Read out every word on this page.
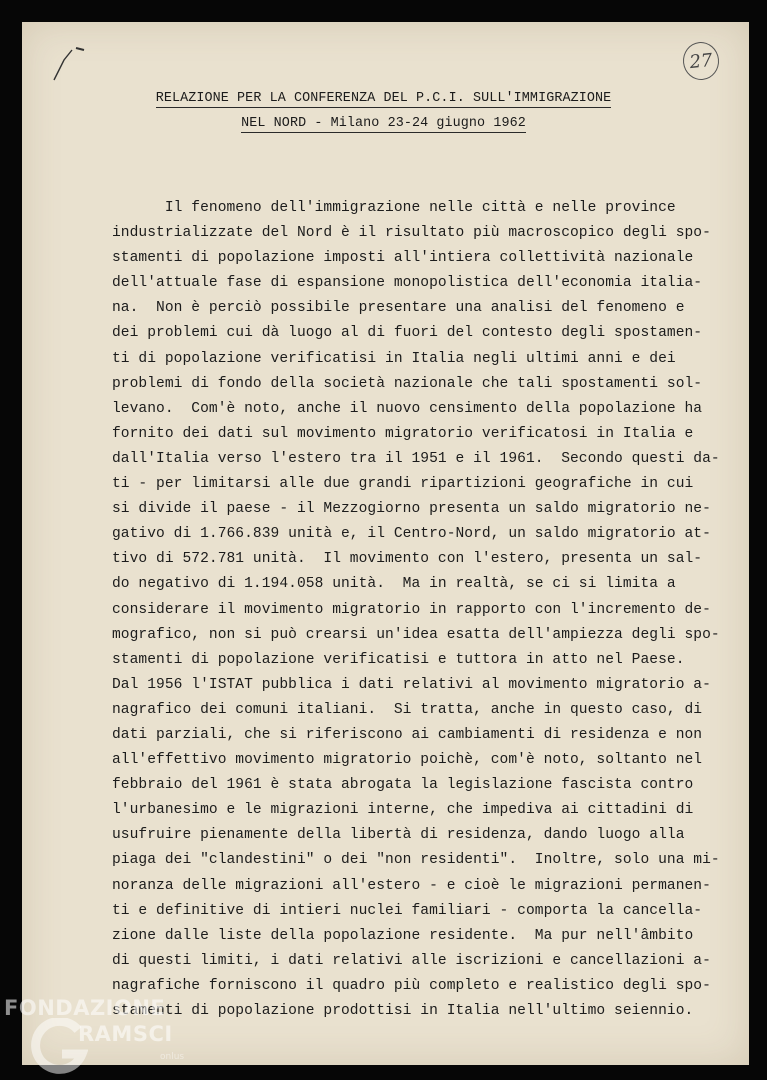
27
RELAZIONE PER LA CONFERENZA DEL P.C.I. SULL'IMMIGRAZIONE
NEL NORD - Milano 23-24 giugno 1962
Il fenomeno dell'immigrazione nelle città e nelle province
industrializzate del Nord è il risultato più macroscopico degli spo-
stamenti di popolazione imposti all'intiera collettività nazionale
dell'attuale fase di espansione monopolistica dell'economia italia-
na.  Non è perciò possibile presentare una analisi del fenomeno e
dei problemi cui dà luogo al di fuori del contesto degli spostamen-
ti di popolazione verificatisi in Italia negli ultimi anni e dei
problemi di fondo della società nazionale che tali spostamenti sol-
levano.  Com'è noto, anche il nuovo censimento della popolazione ha
fornito dei dati sul movimento migratorio verificatosi in Italia e
dall'Italia verso l'estero tra il 1951 e il 1961.  Secondo questi da-
ti - per limitarsi alle due grandi ripartizioni geografiche in cui
si divide il paese - il Mezzogiorno presenta un saldo migratorio ne-
gativo di 1.766.839 unità e, il Centro-Nord, un saldo migratorio at-
tivo di 572.781 unità.  Il movimento con l'estero, presenta un sal-
do negativo di 1.194.058 unità.  Ma in realtà, se ci si limita a
considerare il movimento migratorio in rapporto con l'incremento de-
mografico, non si può crearsi un'idea esatta dell'ampiezza degli spo-
stamenti di popolazione verificatisi e tuttora in atto nel Paese.
Dal 1956 l'ISTAT pubblica i dati relativi al movimento migratorio a-
nagrafico dei comuni italiani.  Si tratta, anche in questo caso, di
dati parziali, che si riferiscono ai cambiamenti di residenza e non
all'effettivo movimento migratorio poichè, com'è noto, soltanto nel
febbraio del 1961 è stata abrogata la legislazione fascista contro
l'urbanesimo e le migrazioni interne, che impediva ai cittadini di
usufruire pienamente della libertà di residenza, dando luogo alla
piaga dei "clandestini" o dei "non residenti".  Inoltre, solo una mi-
noranza delle migrazioni all'estero - e cioè le migrazioni permanen-
ti e definitive di intieri nuclei familiari - comporta la cancella-
zione dalle liste della popolazione residente.  Ma pur nell'âmbito
di questi limiti, i dati relativi alle iscrizioni e cancellazioni a-
nagrafiche forniscono il quadro più completo e realistico degli spo-
stamenti di popolazione prodottisi in Italia nell'ultimo seiennio.
FONDAZIONE
RAMSCI
onlus
